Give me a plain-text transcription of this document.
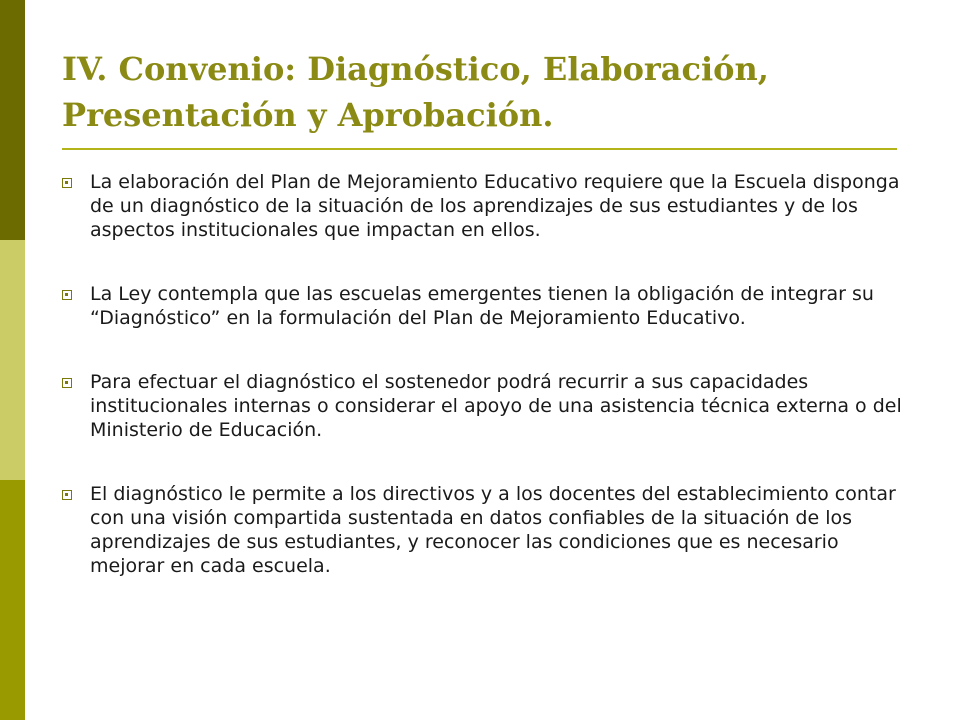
IV. Convenio: Diagnóstico, Elaboración, Presentación y Aprobación.
La elaboración del Plan de Mejoramiento Educativo requiere que la Escuela disponga de un diagnóstico de la situación de los aprendizajes de sus estudiantes y de los aspectos institucionales que impactan en ellos.
La Ley contempla que las escuelas emergentes tienen la obligación de integrar su “Diagnóstico” en la formulación del Plan de Mejoramiento Educativo.
Para efectuar el diagnóstico el sostenedor podrá recurrir a sus capacidades institucionales internas o considerar el apoyo de una asistencia técnica externa o del Ministerio de Educación.
El diagnóstico le permite a los directivos y a los docentes del establecimiento contar con una visión compartida sustentada en datos confiables de la situación de los aprendizajes de sus estudiantes, y reconocer las condiciones que es necesario mejorar en cada escuela.
